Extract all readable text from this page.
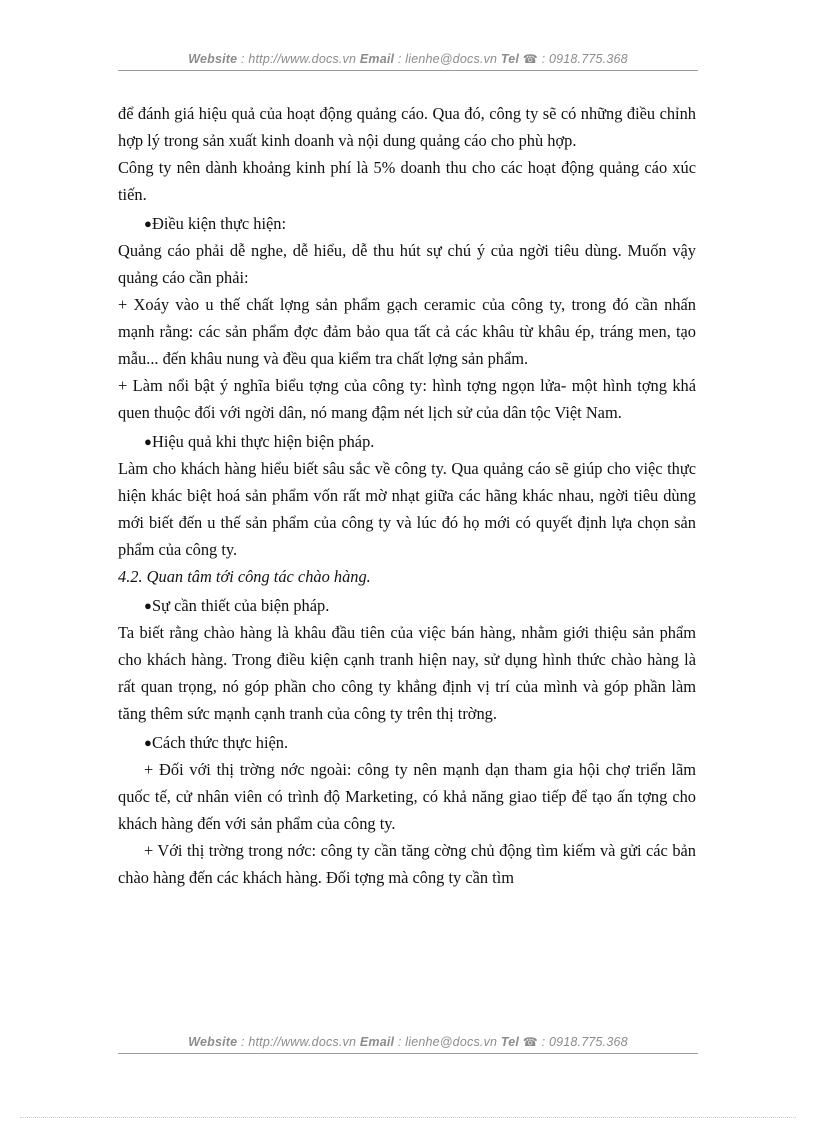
Website : http://www.docs.vn Email : lienhe@docs.vn Tel ☎ : 0918.775.368

để đánh giá hiệu quả của hoạt động quảng cáo. Qua đó, công ty sẽ có những điều chỉnh hợp lý trong sản xuất kinh doanh và nội dung quảng cáo cho phù hợp.

Công ty nên dành khoảng kinh phí là 5% doanh thu cho các hoạt động quảng cáo xúc tiến.

● Điều kiện thực hiện:

Quảng cáo phải dễ nghe, dễ hiểu, dễ thu hút sự chú ý của ngời tiêu dùng. Muốn vậy quảng cáo cần phải:

+ Xoáy vào u thế chất lợng sản phẩm gạch ceramic của công ty, trong đó cần nhấn mạnh rằng: các sản phẩm đợc đảm bảo qua tất cả các khâu từ khâu ép, tráng men, tạo mẫu... đến khâu nung và đều qua kiểm tra chất lợng sản phẩm.

+ Làm nổi bật ý nghĩa biểu tợng của công ty: hình tợng ngọn lửa- một hình tợng khá quen thuộc đối với ngời dân, nó mang đậm nét lịch sử của dân tộc Việt Nam.

● Hiệu quả khi thực hiện biện pháp.

Làm cho khách hàng hiểu biết sâu sắc về công ty. Qua quảng cáo sẽ giúp cho việc thực hiện khác biệt hoá sản phẩm vốn rất mờ nhạt giữa các hãng khác nhau, ngời tiêu dùng mới biết đến u thế sản phẩm của công ty và lúc đó họ mới có quyết định lựa chọn sản phẩm của công ty.

4.2. Quan tâm tới công tác chào hàng.

● Sự cần thiết của biện pháp.

Ta biết rằng chào hàng là khâu đầu tiên của việc bán hàng, nhằm giới thiệu sản phẩm cho khách hàng. Trong điều kiện cạnh tranh hiện nay, sử dụng hình thức chào hàng là rất quan trọng, nó góp phần cho công ty khẳng định vị trí của mình và góp phần làm tăng thêm sức mạnh cạnh tranh của công ty trên thị trờng.

● Cách thức thực hiện.

+ Đối với thị trờng nớc ngoài: công ty nên mạnh dạn tham gia hội chợ triển lãm quốc tế, cử nhân viên có trình độ Marketing, có khả năng giao tiếp để tạo ấn tợng cho khách hàng đến với sản phẩm của công ty.

+ Với thị trờng trong nớc: công ty cần tăng cờng chủ động tìm kiếm và gửi các bản chào hàng đến các khách hàng. Đối tợng mà công ty cần tìm

Website : http://www.docs.vn Email : lienhe@docs.vn Tel ☎ : 0918.775.368
